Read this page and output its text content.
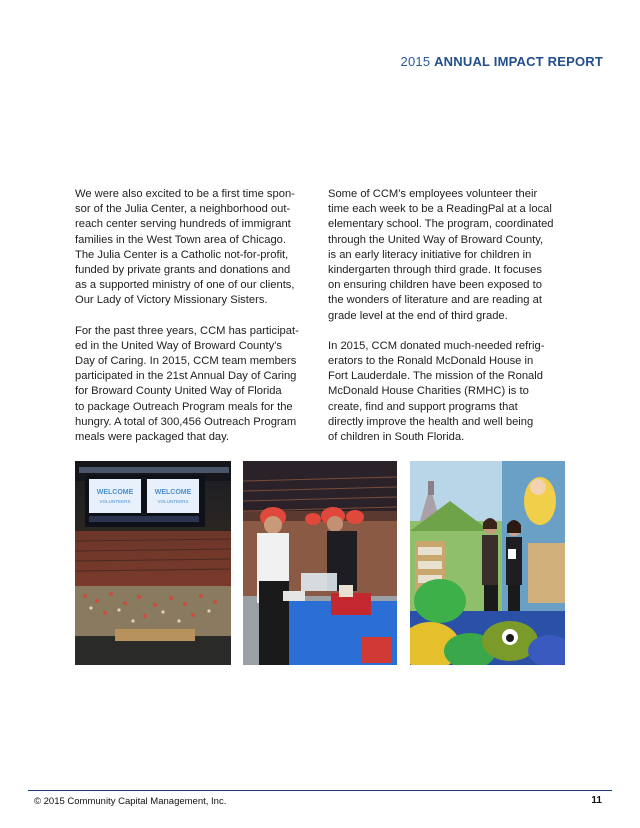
2015 ANNUAL IMPACT REPORT

We were also excited to be a first time spon-
sor of the Julia Center, a neighborhood out-
reach center serving hundreds of immigrant
families in the West Town area of Chicago.
The Julia Center is a Catholic not-for-profit,
funded by private grants and donations and
as a supported ministry of one of our clients,
Our Lady of Victory Missionary Sisters.

For the past three years, CCM has participat-
ed in the United Way of Broward County's
Day of Caring. In 2015, CCM team members
participated in the 21st Annual Day of Caring
for Broward County United Way of Florida
to package Outreach Program meals for the
hungry. A total of 300,456 Outreach Program
meals were packaged that day.

Some of CCM's employees volunteer their
time each week to be a ReadingPal at a local
elementary school. The program, coordinated
through the United Way of Broward County,
is an early literacy initiative for children in
kindergarten through third grade. It focuses
on ensuring children have been exposed to
the wonders of literature and are reading at
grade level at the end of third grade.

In 2015, CCM donated much-needed refrig-
erators to the Ronald McDonald House in
Fort Lauderdale. The mission of the Ronald
McDonald House Charities (RMHC) is to
create, find and support programs that
directly improve the health and well being
of children in South Florida.

WELCOME
VOLUNTEERS
WELCOME
VOLUNTEERS
© 2015 Community Capital Management, Inc.	11
